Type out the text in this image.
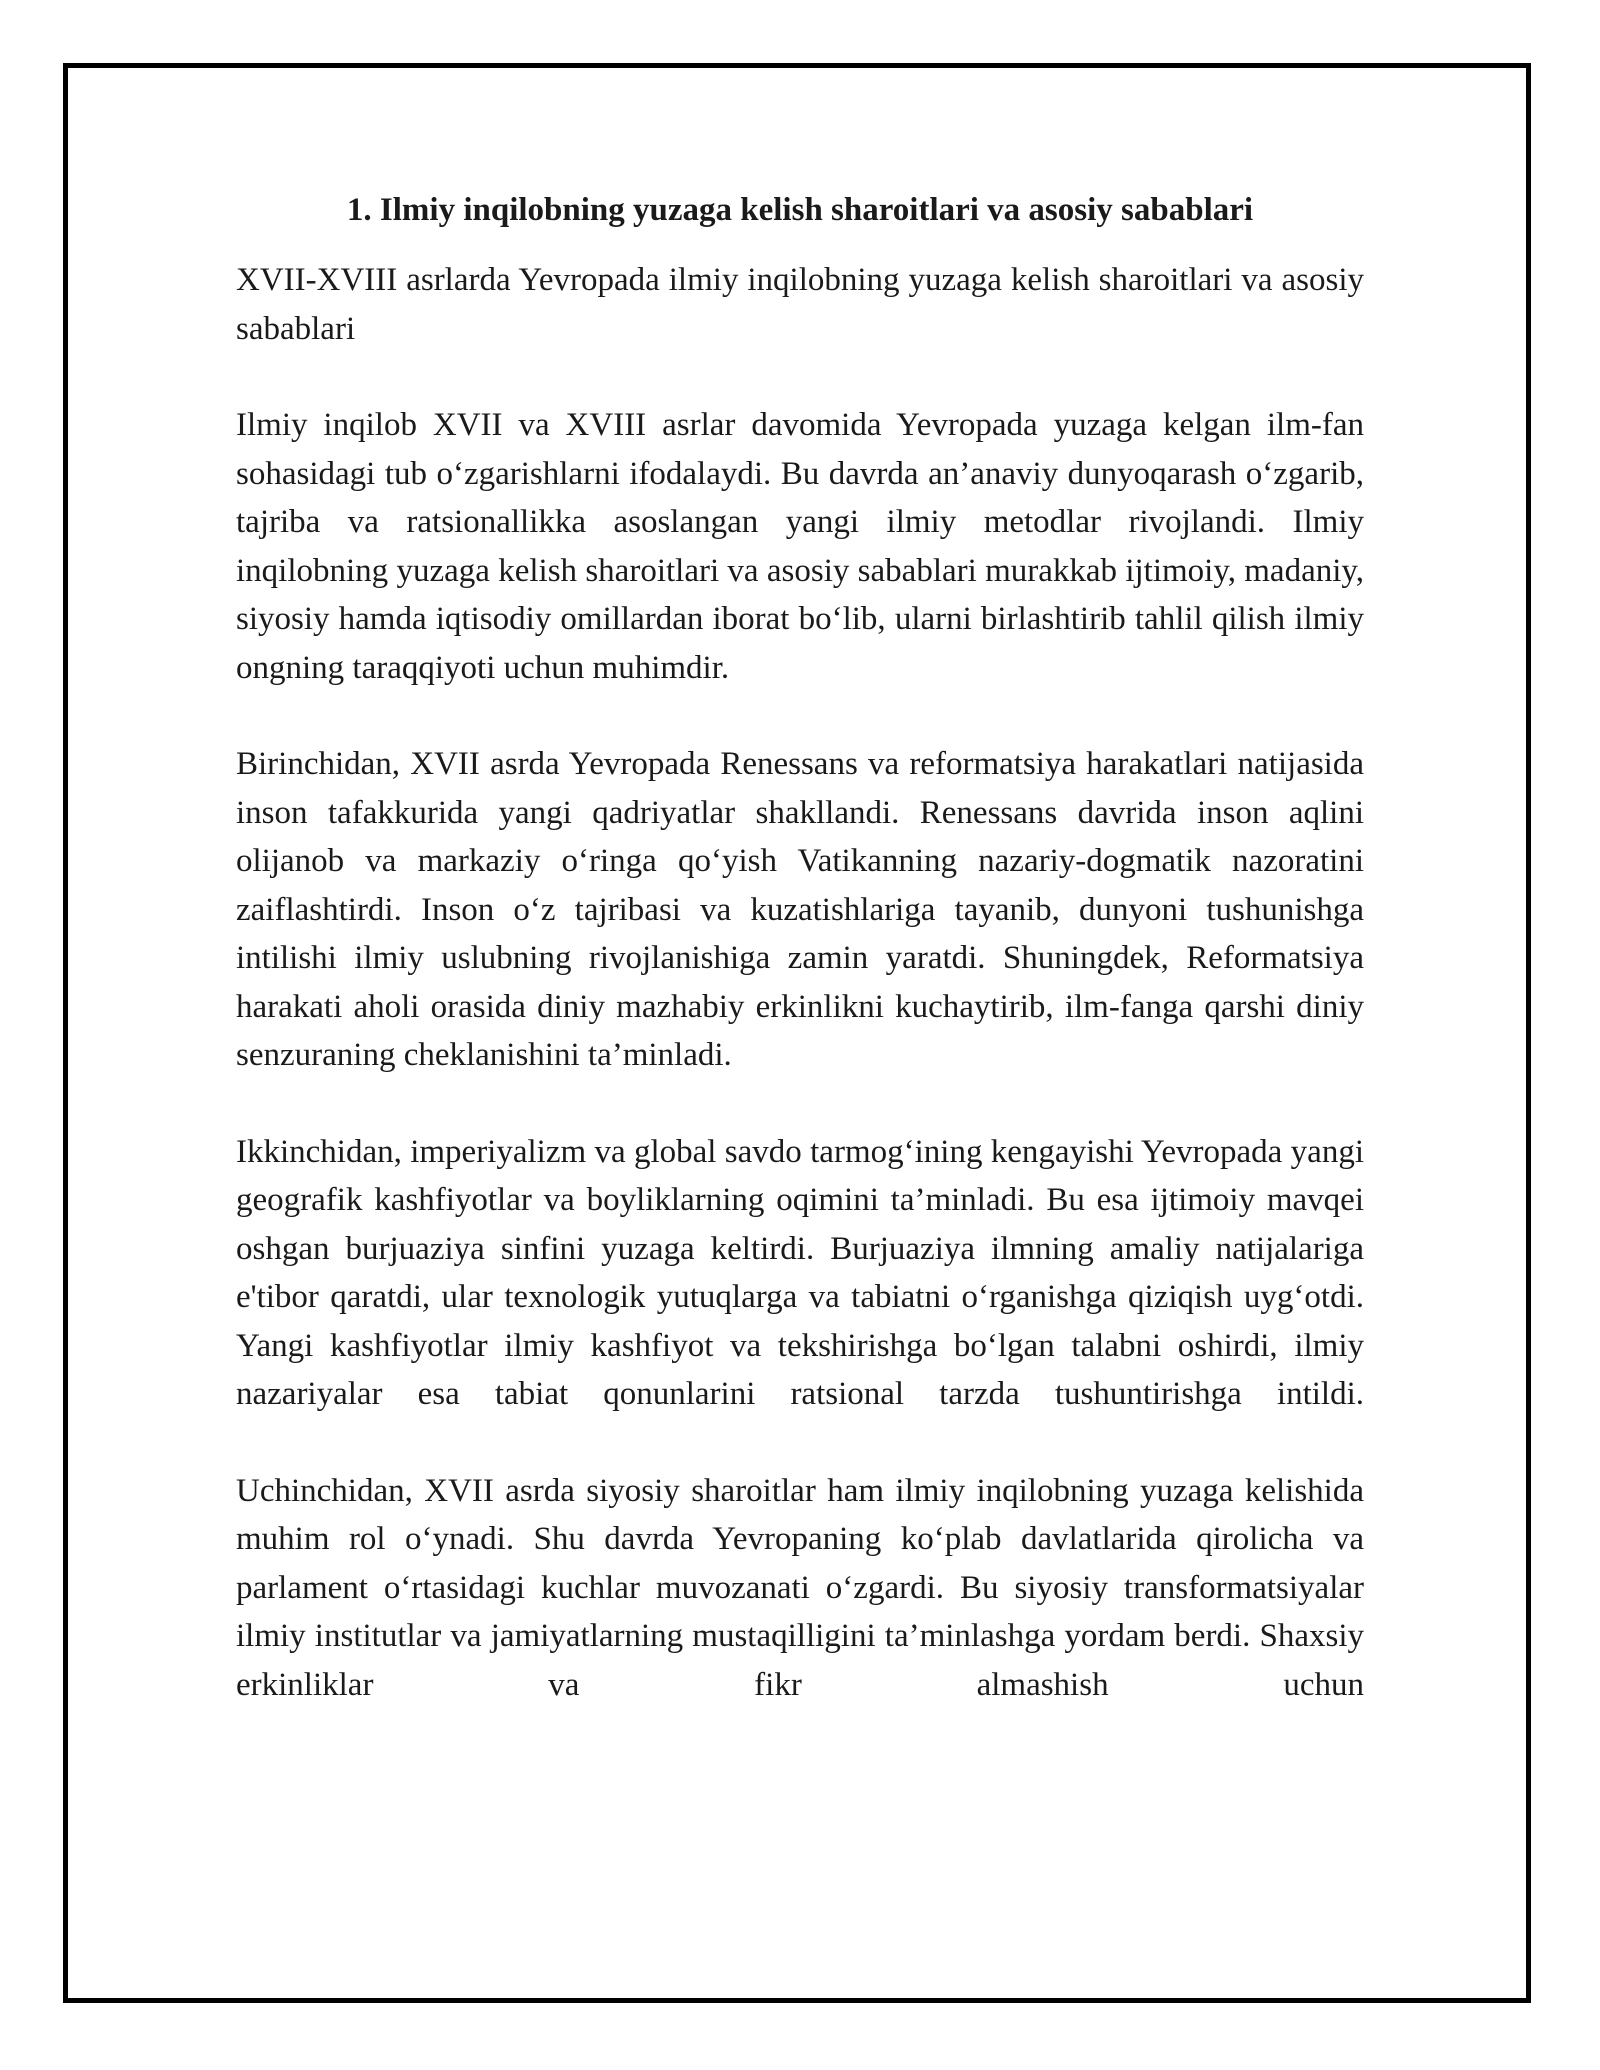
1. Ilmiy inqilobning yuzaga kelish sharoitlari va asosiy sabablari

XVII-XVIII asrlarda Yevropada ilmiy inqilobning yuzaga kelish sharoitlari va asosiy sabablari

Ilmiy inqilob XVII va XVIII asrlar davomida Yevropada yuzaga kelgan ilm-fan sohasidagi tub oʻzgarishlarni ifodalaydi. Bu davrda an’anaviy dunyoqarash oʻzgarib, tajriba va ratsionallikka asoslangan yangi ilmiy metodlar rivojlandi. Ilmiy inqilobning yuzaga kelish sharoitlari va asosiy sabablari murakkab ijtimoiy, madaniy, siyosiy hamda iqtisodiy omillardan iborat boʻlib, ularni birlashtirib tahlil qilish ilmiy ongning taraqqiyoti uchun muhimdir.

Birinchidan, XVII asrda Yevropada Renessans va reformatsiya harakatlari natijasida inson tafakkurida yangi qadriyatlar shakllandi. Renessans davrida inson aqlini olijanob va markaziy oʻringa qoʻyish Vatikanning nazariy-dogmatik nazoratini zaiflashtirdi. Inson oʻz tajribasi va kuzatishlariga tayanib, dunyoni tushunishga intilishi ilmiy uslubning rivojlanishiga zamin yaratdi. Shuningdek, Reformatsiya harakati aholi orasida diniy mazhabiy erkinlikni kuchaytirib, ilm-fanga qarshi diniy senzuraning cheklanishini ta’minladi.

Ikkinchidan, imperiyalizm va global savdo tarmogʻining kengayishi Yevropada yangi geografik kashfiyotlar va boyliklarning oqimini ta’minladi. Bu esa ijtimoiy mavqei oshgan burjuaziya sinfini yuzaga keltirdi. Burjuaziya ilmning amaliy natijalariga e'tibor qaratdi, ular texnologik yutuqlarga va tabiatni oʻrganishga qiziqish uygʻotdi. Yangi kashfiyotlar ilmiy kashfiyot va tekshirishga boʻlgan talabni oshirdi, ilmiy nazariyalar esa tabiat qonunlarini ratsional tarzda tushuntirishga intildi.

Uchinchidan, XVII asrda siyosiy sharoitlar ham ilmiy inqilobning yuzaga kelishida muhim rol oʻynadi. Shu davrda Yevropaning koʻplab davlatlarida qirolicha va parlament oʻrtasidagi kuchlar muvozanati oʻzgardi. Bu siyosiy transformatsiyalar ilmiy institutlar va jamiyatlarning mustaqilligini ta’minlashga yordam berdi. Shaxsiy erkinliklar va fikr almashish uchun
